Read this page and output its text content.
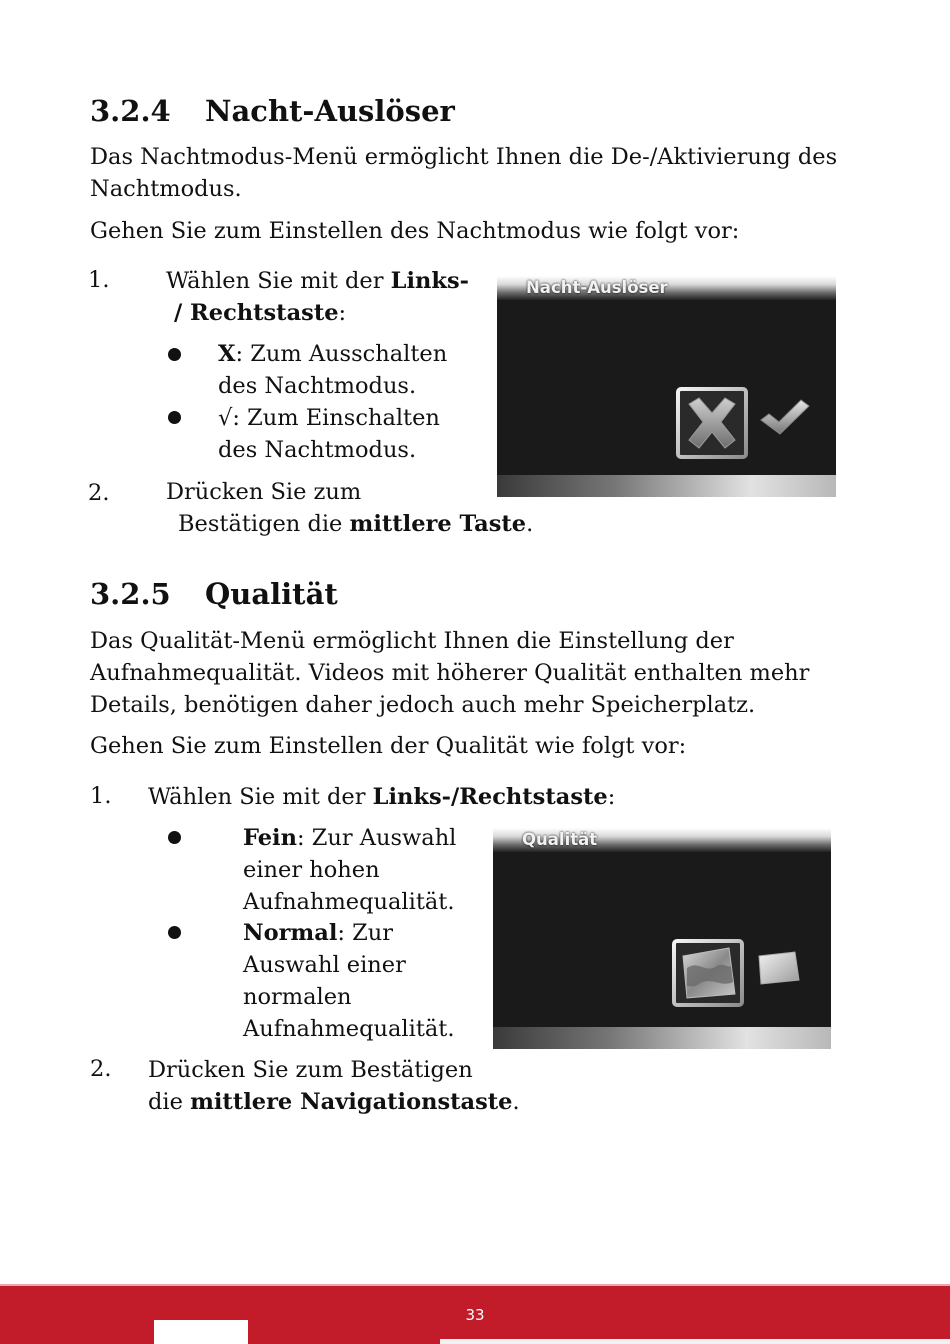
3.2.4 Nacht-Auslöser

Das Nachtmodus-Menü ermöglicht Ihnen die De-/Aktivierung des Nachtmodus.

Gehen Sie zum Einstellen des Nachtmodus wie folgt vor:

1.	Wählen Sie mit der Links-
/ Rechtstaste:
X: Zum Ausschalten
des Nachtmodus.
√: Zum Einschalten
des Nachtmodus.
2.	Drücken Sie zum
Bestätigen die mittlere Taste.
Nacht-Auslöser
3.2.5 Qualität
Das Qualität-Menü ermöglicht Ihnen die Einstellung der
Aufnahmequalität. Videos mit höherer Qualität enthalten mehr
Details, benötigen daher jedoch auch mehr Speicherplatz.

Gehen Sie zum Einstellen der Qualität wie folgt vor:

1. Wählen Sie mit der Links-/Rechtstaste:
Fein: Zur Auswahl
einer hohen
Aufnahmequalität.
Normal: Zur
Auswahl einer
normalen
Aufnahmequalität.
2. Drücken Sie zum Bestätigen
die mittlere Navigationstaste.
Qualität
33
